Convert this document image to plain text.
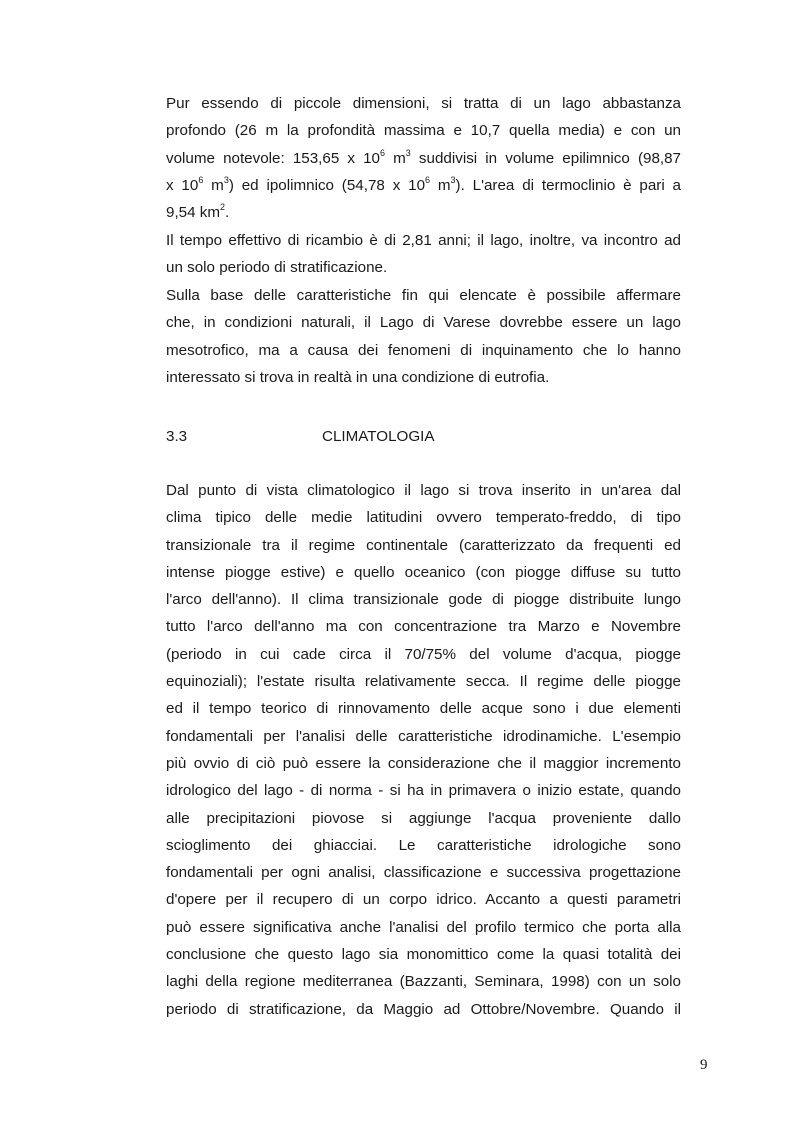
Pur essendo di piccole dimensioni, si tratta di un lago abbastanza
profondo (26 m la profondità massima e 10,7 quella media) e con un
volume notevole: 153,65 x $10^6$ $m^3$ suddivisi in volume epilimnico (98,87
x $10^6$ $m^3$) ed ipolimnico (54,78 x $10^6$ $m^3$). L'area di termoclinio è pari a
9,54 $km^2$.
Il tempo effettivo di ricambio è di 2,81 anni; il lago, inoltre, va incontro ad
un solo periodo di stratificazione.
Sulla base delle caratteristiche fin qui elencate è possibile affermare
che, in condizioni naturali, il Lago di Varese dovrebbe essere un lago
mesotrofico, ma a causa dei fenomeni di inquinamento che lo hanno
interessato si trova in realtà in una condizione di eutrofia.
3.3	CLIMATOLOGIA
Dal punto di vista climatologico il lago si trova inserito in un'area dal
clima tipico delle medie latitudini ovvero temperato-freddo, di tipo
transizionale tra il regime continentale (caratterizzato da frequenti ed
intense piogge estive) e quello oceanico (con piogge diffuse su tutto
l'arco dell'anno). Il clima transizionale gode di piogge distribuite lungo
tutto l'arco dell'anno ma con concentrazione tra Marzo e Novembre
(periodo in cui cade circa il 70/75% del volume d'acqua, piogge
equinoziali); l'estate risulta relativamente secca. Il regime delle piogge
ed il tempo teorico di rinnovamento delle acque sono i due elementi
fondamentali per l'analisi delle caratteristiche idrodinamiche. L'esempio
più ovvio di ciò può essere la considerazione che il maggior incremento
idrologico del lago - di norma - si ha in primavera o inizio estate, quando
alle precipitazioni piovose si aggiunge l'acqua proveniente dallo
scioglimento dei ghiacciai. Le caratteristiche idrologiche sono
fondamentali per ogni analisi, classificazione e successiva progettazione
d'opere per il recupero di un corpo idrico. Accanto a questi parametri
può essere significativa anche l'analisi del profilo termico che porta alla
conclusione che questo lago sia monomittico come la quasi totalità dei
laghi della regione mediterranea (Bazzanti, Seminara, 1998) con un solo
periodo di stratificazione, da Maggio ad Ottobre/Novembre. Quando il
9
